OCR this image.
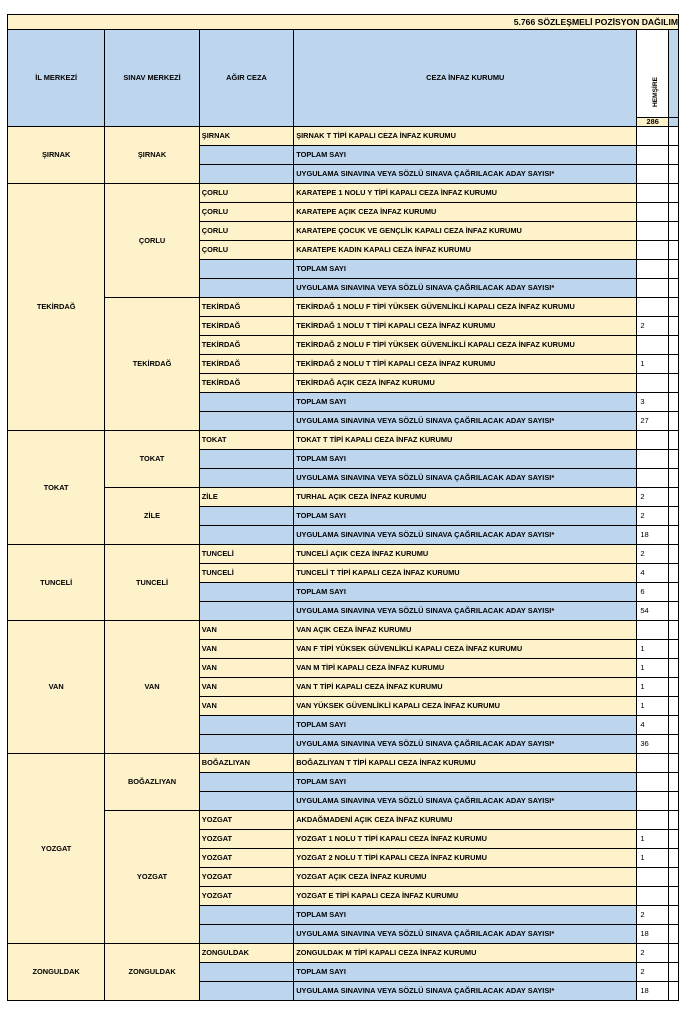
5.766 SÖZLEŞMELİ POZİSYON DAĞILIM					
İL MERKEZİ	SINAV MERKEZİ	AĞIR CEZA	CEZA İNFAZ KURUMU	HEMŞİRE	

				286	
ŞIRNAK	ŞIRNAK	ŞIRNAK	ŞIRNAK T TİPİ KAPALI CEZA İNFAZ KURUMU		
			TOPLAM SAYI		
			UYGULAMA SINAVINA VEYA SÖZLÜ SINAVA ÇAĞRILACAK ADAY SAYISI*		
TEKİRDAĞ	ÇORLU	ÇORLU	KARATEPE 1 NOLU Y TİPİ KAPALI CEZA İNFAZ KURUMU		
		ÇORLU	KARATEPE AÇIK CEZA İNFAZ KURUMU		
		ÇORLU	KARATEPE ÇOCUK VE GENÇLİK KAPALI CEZA İNFAZ KURUMU		
		ÇORLU	KARATEPE KADIN KAPALI CEZA İNFAZ KURUMU		
			TOPLAM SAYI		
			UYGULAMA SINAVINA VEYA SÖZLÜ SINAVA ÇAĞRILACAK ADAY SAYISI*		
	TEKİRDAĞ	TEKİRDAĞ	TEKİRDAĞ 1 NOLU F TİPİ YÜKSEK GÜVENLİKLİ KAPALI CEZA İNFAZ KURUMU		
		TEKİRDAĞ	TEKİRDAĞ 1 NOLU T TİPİ KAPALI CEZA İNFAZ KURUMU	2	
		TEKİRDAĞ	TEKİRDAĞ 2 NOLU F TİPİ YÜKSEK GÜVENLİKLİ KAPALI CEZA İNFAZ KURUMU		
		TEKİRDAĞ	TEKİRDAĞ 2 NOLU T TİPİ KAPALI CEZA İNFAZ KURUMU	1	
		TEKİRDAĞ	TEKİRDAĞ AÇIK CEZA İNFAZ KURUMU		
			TOPLAM SAYI	3	
			UYGULAMA SINAVINA VEYA SÖZLÜ SINAVA ÇAĞRILACAK ADAY SAYISI*	27	
TOKAT	TOKAT	TOKAT	TOKAT T TİPİ KAPALI CEZA İNFAZ KURUMU		
			TOPLAM SAYI		
			UYGULAMA SINAVINA VEYA SÖZLÜ SINAVA ÇAĞRILACAK ADAY SAYISI*		
	ZİLE	ZİLE	TURHAL AÇIK CEZA İNFAZ KURUMU	2	
			TOPLAM SAYI	2	
			UYGULAMA SINAVINA VEYA SÖZLÜ SINAVA ÇAĞRILACAK ADAY SAYISI*	18	
TUNCELİ	TUNCELİ	TUNCELİ	TUNCELİ AÇIK CEZA İNFAZ KURUMU	2	
		TUNCELİ	TUNCELİ T TİPİ KAPALI CEZA İNFAZ KURUMU	4	
			TOPLAM SAYI	6	
			UYGULAMA SINAVINA VEYA SÖZLÜ SINAVA ÇAĞRILACAK ADAY SAYISI*	54	
VAN	VAN	VAN	VAN AÇIK CEZA İNFAZ KURUMU		
		VAN	VAN F TİPİ YÜKSEK GÜVENLİKLİ KAPALI CEZA İNFAZ KURUMU	1	
		VAN	VAN M TİPİ KAPALI CEZA İNFAZ KURUMU	1	
		VAN	VAN T TİPİ KAPALI CEZA İNFAZ KURUMU	1	
		VAN	VAN YÜKSEK GÜVENLİKLİ KAPALI CEZA İNFAZ KURUMU	1	
			TOPLAM SAYI	4	
			UYGULAMA SINAVINA VEYA SÖZLÜ SINAVA ÇAĞRILACAK ADAY SAYISI*	36	
YOZGAT	BOĞAZLIYAN	BOĞAZLIYAN	BOĞAZLIYAN T TİPİ KAPALI CEZA İNFAZ KURUMU		
			TOPLAM SAYI		
			UYGULAMA SINAVINA VEYA SÖZLÜ SINAVA ÇAĞRILACAK ADAY SAYISI*		
	YOZGAT	YOZGAT	AKDAĞMADENİ AÇIK CEZA İNFAZ KURUMU		
		YOZGAT	YOZGAT 1 NOLU T TİPİ KAPALI CEZA İNFAZ KURUMU	1	
		YOZGAT	YOZGAT 2 NOLU T TİPİ KAPALI CEZA İNFAZ KURUMU	1	
		YOZGAT	YOZGAT AÇIK CEZA İNFAZ KURUMU		
		YOZGAT	YOZGAT E TİPİ KAPALI CEZA İNFAZ KURUMU		
			TOPLAM SAYI	2	
			UYGULAMA SINAVINA VEYA SÖZLÜ SINAVA ÇAĞRILACAK ADAY SAYISI*	18	
ZONGULDAK	ZONGULDAK	ZONGULDAK	ZONGULDAK M TİPİ KAPALI CEZA İNFAZ KURUMU	2	
			TOPLAM SAYI	2	
			UYGULAMA SINAVINA VEYA SÖZLÜ SINAVA ÇAĞRILACAK ADAY SAYISI*	18	
